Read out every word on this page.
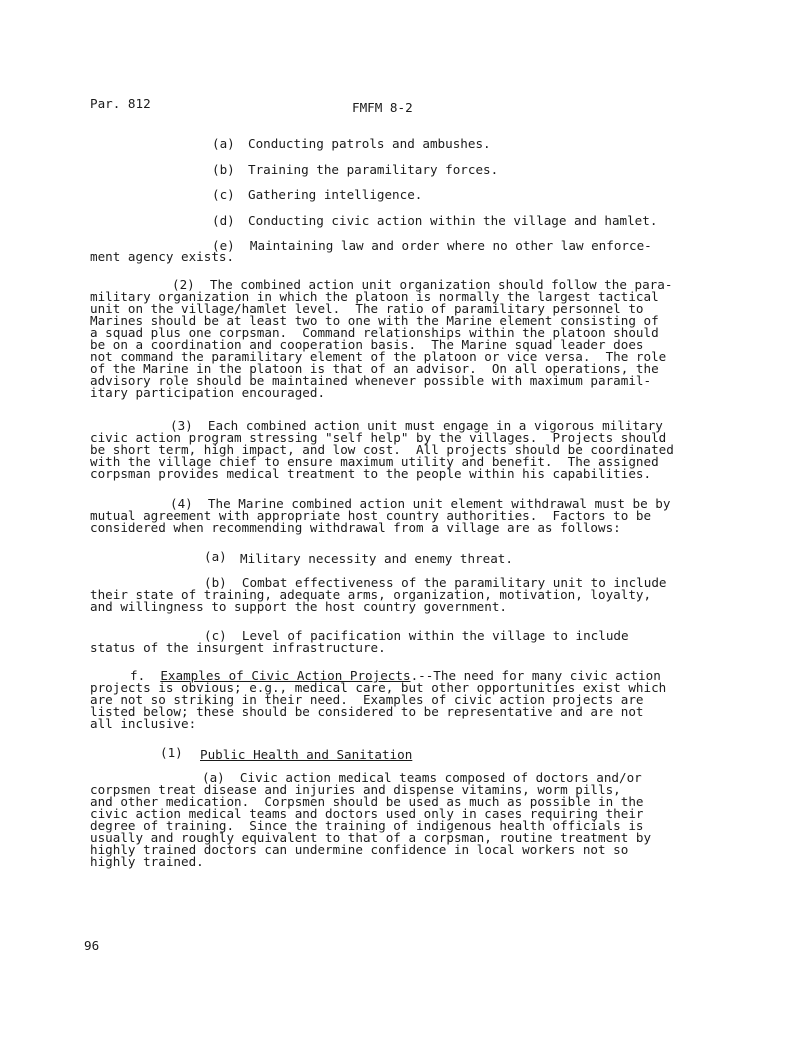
Par. 812	FMFM 8-2
(a) Conducting patrols and ambushes.
(b) Training the paramilitary forces.
(c) Gathering intelligence.
(d) Conducting civic action within the village and hamlet.
(e)  Maintaining law and order where no other law enforce-
ment agency exists.
(2)  The combined action unit organization should follow the para-
military organization in which the platoon is normally the largest tactical
unit on the village/hamlet level.  The ratio of paramilitary personnel to
Marines should be at least two to one with the Marine element consisting of
a squad plus one corpsman.  Command relationships within the platoon should
be on a coordination and cooperation basis.  The Marine squad leader does
not command the paramilitary element of the platoon or vice versa.  The role
of the Marine in the platoon is that of an advisor.  On all operations, the
advisory role should be maintained whenever possible with maximum paramil-
itary participation encouraged.
(3)  Each combined action unit must engage in a vigorous military
civic action program stressing "self help" by the villages.  Projects should
be short term, high impact, and low cost.  All projects should be coordinated
with the village chief to ensure maximum utility and benefit.  The assigned
corpsman provides medical treatment to the people within his capabilities.
(4)  The Marine combined action unit element withdrawal must be by
mutual agreement with appropriate host country authorities.  Factors to be
considered when recommending withdrawal from a village are as follows:
(a) Military necessity and enemy threat.
(b)  Combat effectiveness of the paramilitary unit to include
their state of training, adequate arms, organization, motivation, loyalty,
and willingness to support the host country government.
(c)  Level of pacification within the village to include
status of the insurgent infrastructure.
f. Examples of Civic Action Projects.--The need for many civic action
projects is obvious; e.g., medical care, but other opportunities exist which
are not so striking in their need.  Examples of civic action projects are
listed below; these should be considered to be representative and are not
all inclusive:
(1) Public Health and Sanitation
(a)  Civic action medical teams composed of doctors and/or
corpsmen treat disease and injuries and dispense vitamins, worm pills,
and other medication.  Corpsmen should be used as much as possible in the
civic action medical teams and doctors used only in cases requiring their
degree of training.  Since the training of indigenous health officials is
usually and roughly equivalent to that of a corpsman, routine treatment by
highly trained doctors can undermine confidence in local workers not so
highly trained.
96
